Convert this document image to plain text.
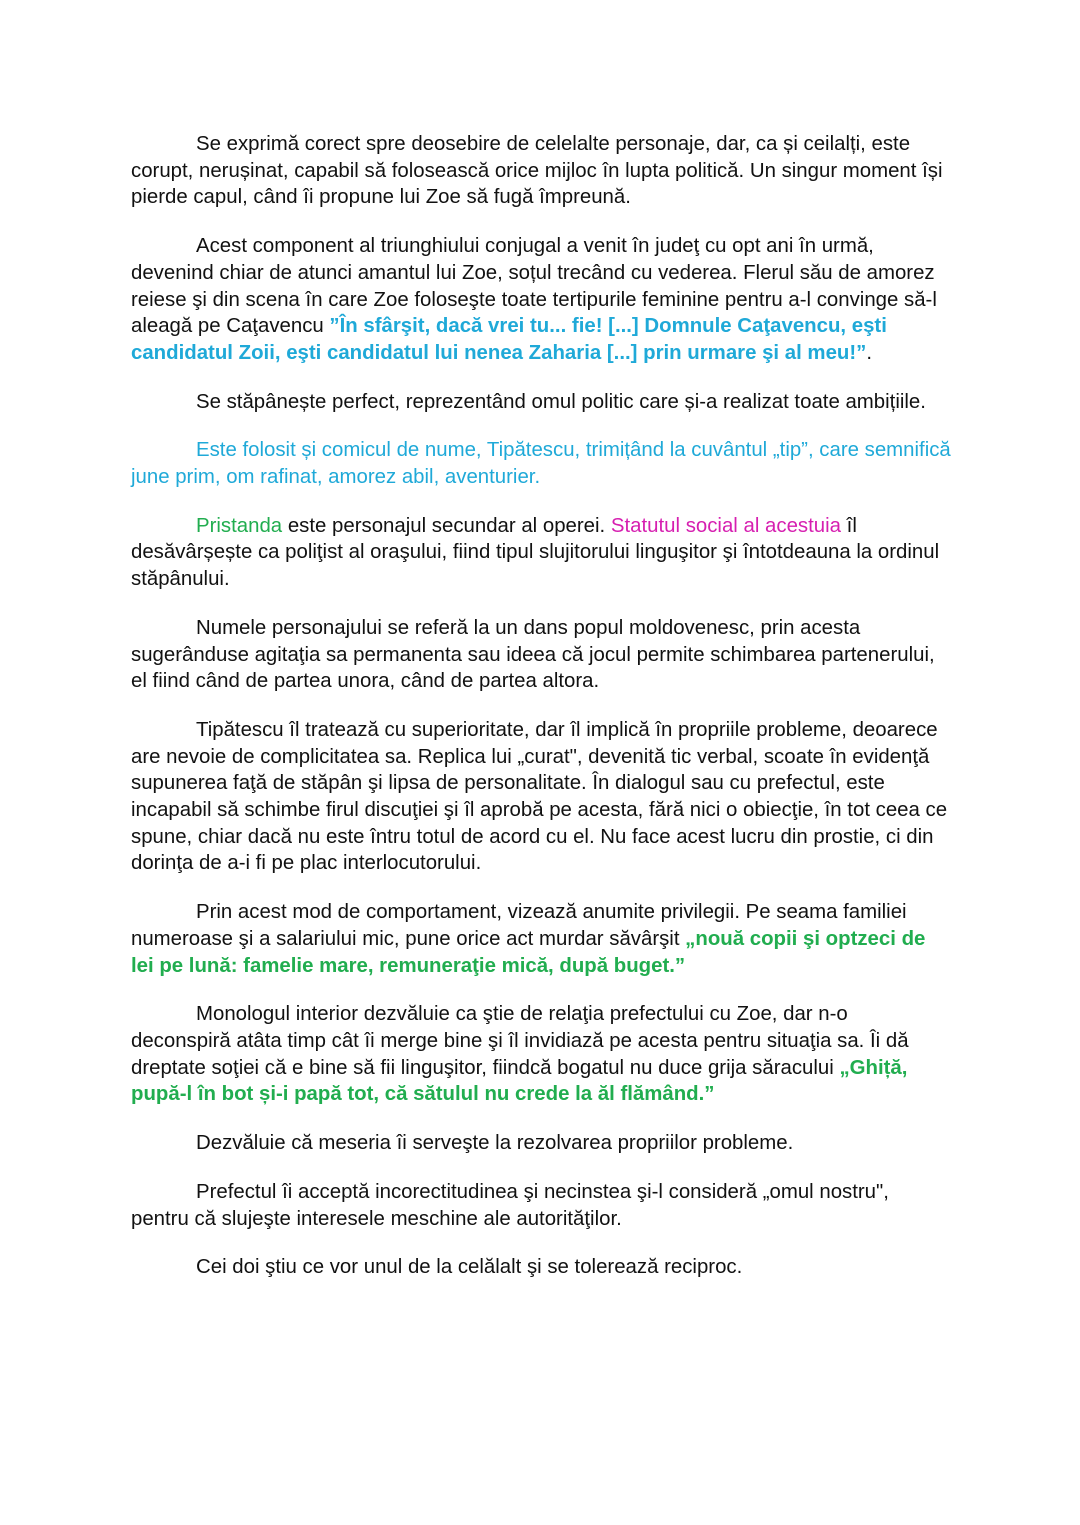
Se exprimă corect spre deosebire de celelalte personaje, dar, ca și ceilalți, este corupt, nerușinat, capabil să folosească orice mijloc în lupta politică. Un singur moment își pierde capul, când îi propune lui Zoe să fugă împreună.

Acest component al triunghiului conjugal a venit în judeţ cu opt ani în urmă, devenind chiar de atunci amantul lui Zoe, soțul trecând cu vederea. Flerul său de amorez reiese şi din scena în care Zoe foloseşte toate tertipurile feminine pentru a-l convinge să-l aleagă pe Caţavencu ”În sfârşit, dacă vrei tu... fie! [...] Domnule Caţavencu, eşti candidatul Zoii, eşti candidatul lui nenea Zaharia [...] prin urmare şi al meu!”.

Se stăpânește perfect, reprezentând omul politic care și-a realizat toate ambițiile.

Este folosit și comicul de nume, Tipătescu, trimițând la cuvântul „tip”, care semnifică june prim, om rafinat, amorez abil, aventurier.

Pristanda este personajul secundar al operei. Statutul social al acestuia îl desăvârșește ca poliţist al oraşului, fiind tipul slujitorului linguşitor şi întotdeauna la ordinul stăpânului.

Numele personajului se referă la un dans popul moldovenesc, prin acesta sugerânduse agitaţia sa permanenta sau ideea că jocul permite schimbarea partenerului, el fiind când de partea unora, când de partea altora.

Tipătescu îl tratează cu superioritate, dar îl implică în propriile probleme, deoarece are nevoie de complicitatea sa. Replica lui „curat", devenită tic verbal, scoate în evidenţă supunerea faţă de stăpân şi lipsa de personalitate. În dialogul sau cu prefectul, este incapabil să schimbe firul discuţiei şi îl aprobă pe acesta, fără nici o obiecţie, în tot ceea ce spune, chiar dacă nu este întru totul de acord cu el. Nu face acest lucru din prostie, ci din dorinţa de a-i fi pe plac interlocutorului.

Prin acest mod de comportament, vizează anumite privilegii. Pe seama familiei numeroase şi a salariului mic, pune orice act murdar săvârşit „nouă copii şi optzeci de lei pe lună: famelie mare, remuneraţie mică, după buget.”

Monologul interior dezvăluie ca ştie de relaţia prefectului cu Zoe, dar n-o deconspiră atâta timp cât îi merge bine şi îl invidiază pe acesta pentru situaţia sa. Îi dă dreptate soţiei că e bine să fii linguşitor, fiindcă bogatul nu duce grija săracului „Ghiță, pupă-l în bot și-i papă tot, că sătulul nu crede la ăl flămând.”

Dezvăluie că meseria îi serveşte la rezolvarea propriilor probleme.

Prefectul îi acceptă incorectitudinea şi necinstea şi-l consideră „omul nostru", pentru că slujeşte interesele meschine ale autorităţilor.

Cei doi ştiu ce vor unul de la celălalt şi se tolerează reciproc.
